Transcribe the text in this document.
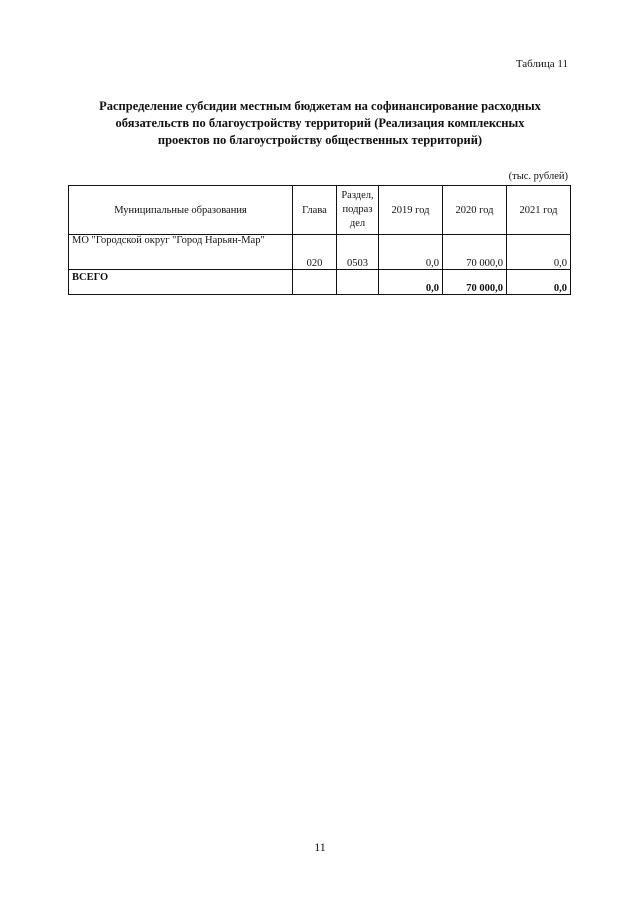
Таблица 11
Распределение субсидии местным бюджетам на софинансирование расходных
обязательств по благоустройству территорий (Реализация комплексных
проектов по благоустройству общественных территорий)
(тыс. рублей)
Муниципальные образования	Глава	Раздел,
подраз
дел	2019 год	2020 год	2021 год
МО "Городской округ "Город Нарьян-Мар"	020	0503	0,0	70 000,0	0,0
ВСЕГО			0,0	70 000,0	0,0
11
